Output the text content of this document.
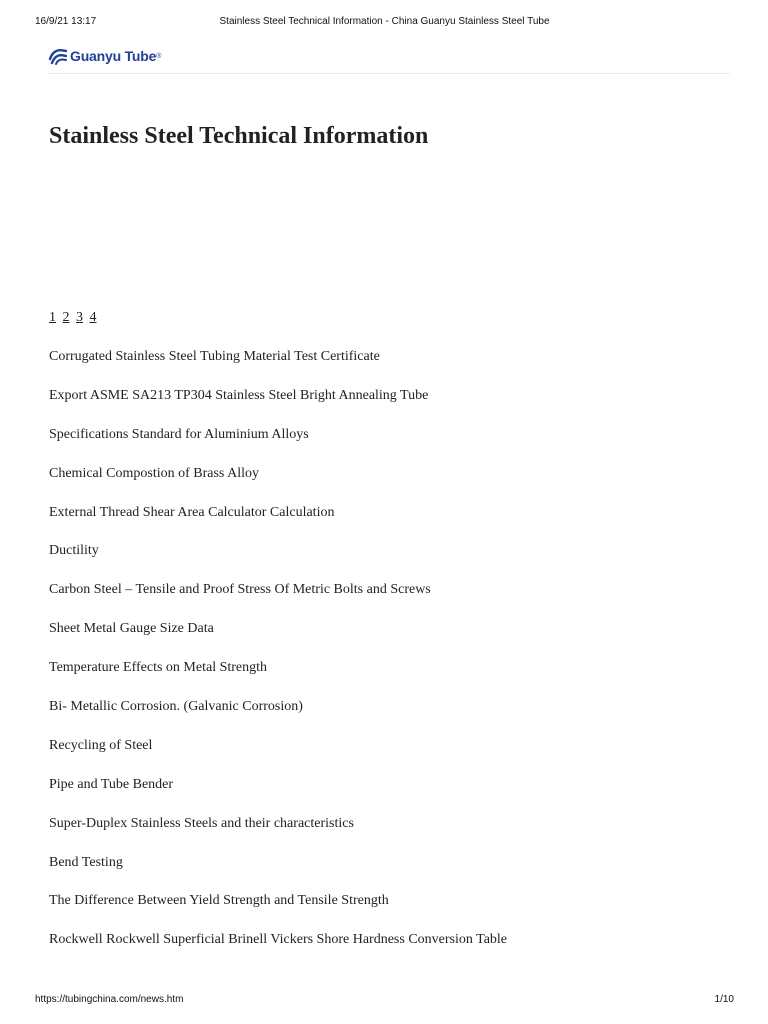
16/9/21 13:17	Stainless Steel Technical Information - China Guanyu Stainless Steel Tube
Guanyu Tube ®
Stainless Steel Technical Information
1 2 3 4
Corrugated Stainless Steel Tubing Material Test Certificate
Export ASME SA213 TP304 Stainless Steel Bright Annealing Tube
Specifications Standard for Aluminium Alloys
Chemical Compostion of Brass Alloy
External Thread Shear Area Calculator Calculation
Ductility
Carbon Steel – Tensile and Proof Stress Of Metric Bolts and Screws
Sheet Metal Gauge Size Data
Temperature Effects on Metal Strength
Bi- Metallic Corrosion. (Galvanic Corrosion)
Recycling of Steel
Pipe and Tube Bender
Super-Duplex Stainless Steels and their characteristics
Bend Testing
The Difference Between Yield Strength and Tensile Strength
Rockwell Rockwell Superficial Brinell Vickers Shore Hardness Conversion Table
https://tubingchina.com/news.htm	1/10
